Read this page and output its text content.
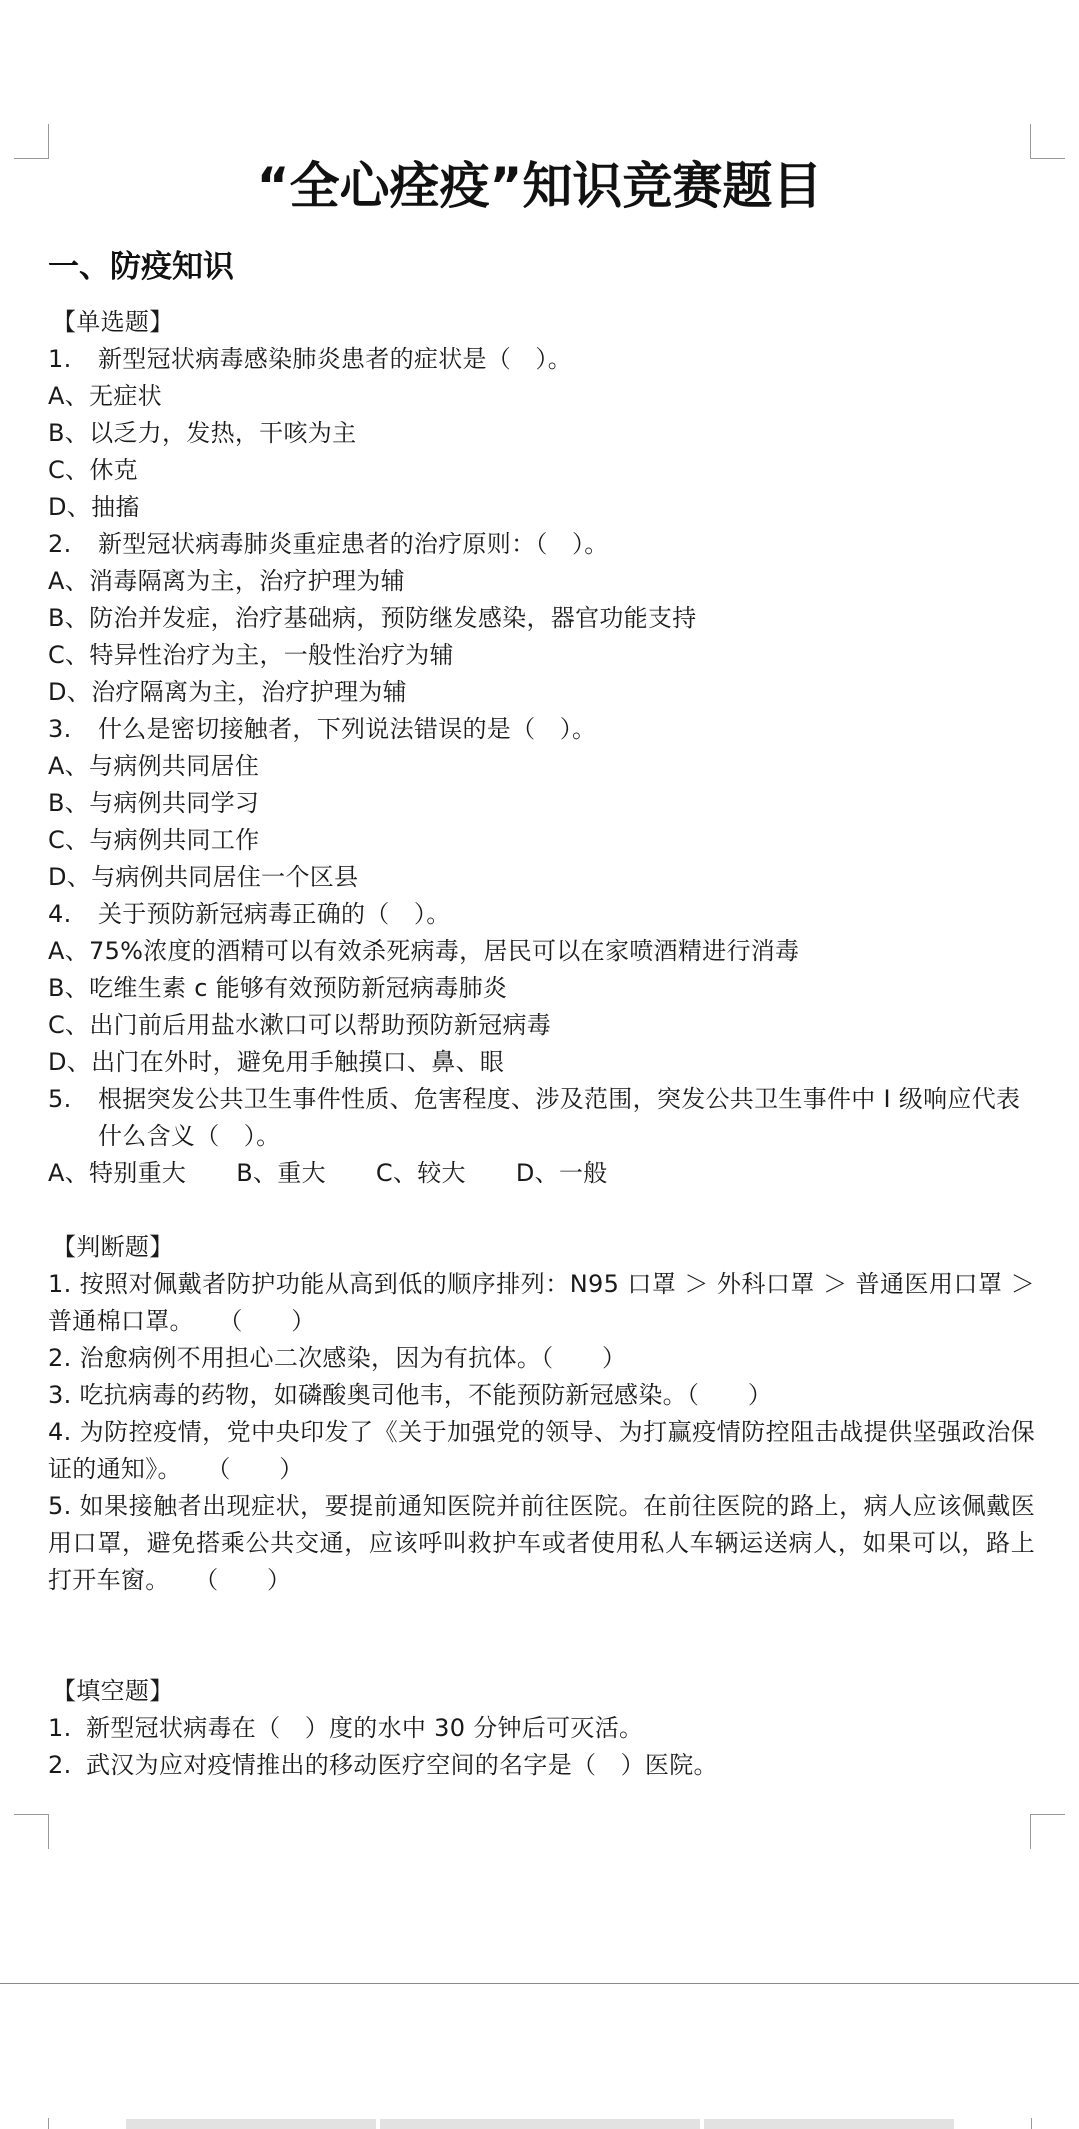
“全心痊疫”知识竞赛题目
一、防疫知识
【单选题】
1. 新型冠状病毒感染肺炎患者的症状是（　）。
A、无症状
B、以乏力，发热，干咳为主
C、休克
D、抽搐
2. 新型冠状病毒肺炎重症患者的治疗原则：（　）。
A、消毒隔离为主，治疗护理为辅
B、防治并发症，治疗基础病，预防继发感染，器官功能支持
C、特异性治疗为主，一般性治疗为辅
D、治疗隔离为主，治疗护理为辅
3. 什么是密切接触者，下列说法错误的是（　）。
A、与病例共同居住
B、与病例共同学习
C、与病例共同工作
D、与病例共同居住一个区县
4. 关于预防新冠病毒正确的（　）。
A、75%浓度的酒精可以有效杀死病毒，居民可以在家喷酒精进行消毒
B、吃维生素 c 能够有效预防新冠病毒肺炎
C、出门前后用盐水漱口可以帮助预防新冠病毒
D、出门在外时，避免用手触摸口、鼻、眼
5.	根据突发公共卫生事件性质、危害程度、涉及范围，突发公共卫生事件中 Ⅰ 级响应代表什么含义（　）。
A、特别重大 B、重大 C、较大 D、一般
【判断题】
1. 按照对佩戴者防护功能从高到低的顺序排列：N95 口罩 ＞ 外科口罩 ＞ 普通医用口罩 ＞ 普通棉口罩。　　（　　）
2. 治愈病例不用担心二次感染，因为有抗体。（　　）
3. 吃抗病毒的药物，如磷酸奥司他韦，不能预防新冠感染。（　　）
4. 为防控疫情，党中央印发了《关于加强党的领导、为打赢疫情防控阻击战提供坚强政治保证的通知》。　　（　　）
5. 如果接触者出现症状，要提前通知医院并前往医院。在前往医院的路上，病人应该佩戴医用口罩，避免搭乘公共交通，应该呼叫救护车或者使用私人车辆运送病人，如果可以，路上打开车窗。　　（　　）
【填空题】
1. 新型冠状病毒在（　）度的水中 30 分钟后可灭活。
2. 武汉为应对疫情推出的移动医疗空间的名字是（　）医院。
